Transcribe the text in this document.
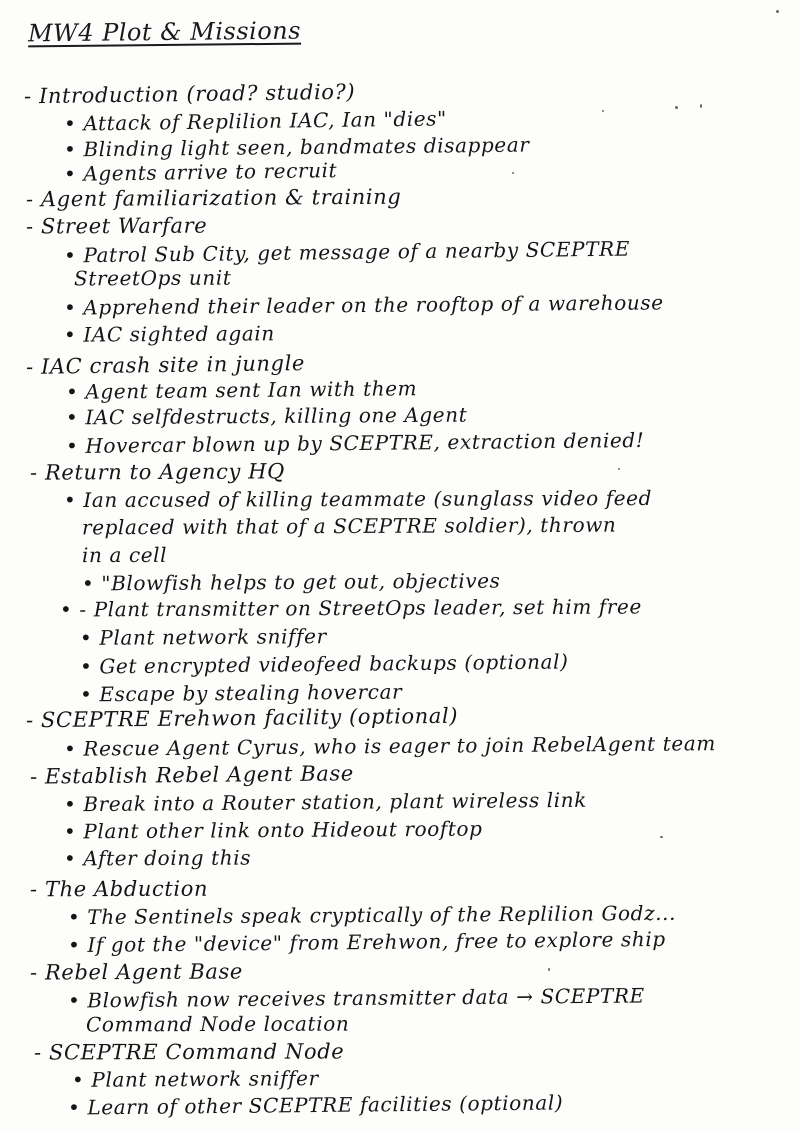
MW4 Plot & Missions
- Introduction (road? studio?)
• Attack of Replilion IAC, Ian "dies"
• Blinding light seen, bandmates disappear
• Agents arrive to recruit
- Agent familiarization & training
- Street Warfare
• Patrol Sub City, get message of a nearby SCEPTRE
StreetOps unit
• Apprehend their leader on the rooftop of a warehouse
• IAC sighted again
- IAC crash site in jungle
• Agent team sent Ian with them
• IAC selfdestructs, killing one Agent
• Hovercar blown up by SCEPTRE, extraction denied!
- Return to Agency HQ
• Ian accused of killing teammate (sunglass video feed
replaced with that of a SCEPTRE soldier), thrown
in a cell
• "Blowfish helps to get out, objectives
• - Plant transmitter on StreetOps leader, set him free
• Plant network sniffer
• Get encrypted videofeed backups (optional)
• Escape by stealing hovercar
- SCEPTRE Erehwon facility (optional)
• Rescue Agent Cyrus, who is eager to join RebelAgent team
- Establish Rebel Agent Base
• Break into a Router station, plant wireless link
• Plant other link onto Hideout rooftop
• After doing this
- The Abduction
• The Sentinels speak cryptically of the Replilion Godz...
• If got the "device" from Erehwon, free to explore ship
- Rebel Agent Base
• Blowfish now receives transmitter data → SCEPTRE
Command Node location
- SCEPTRE Command Node
• Plant network sniffer
• Learn of other SCEPTRE facilities (optional)
